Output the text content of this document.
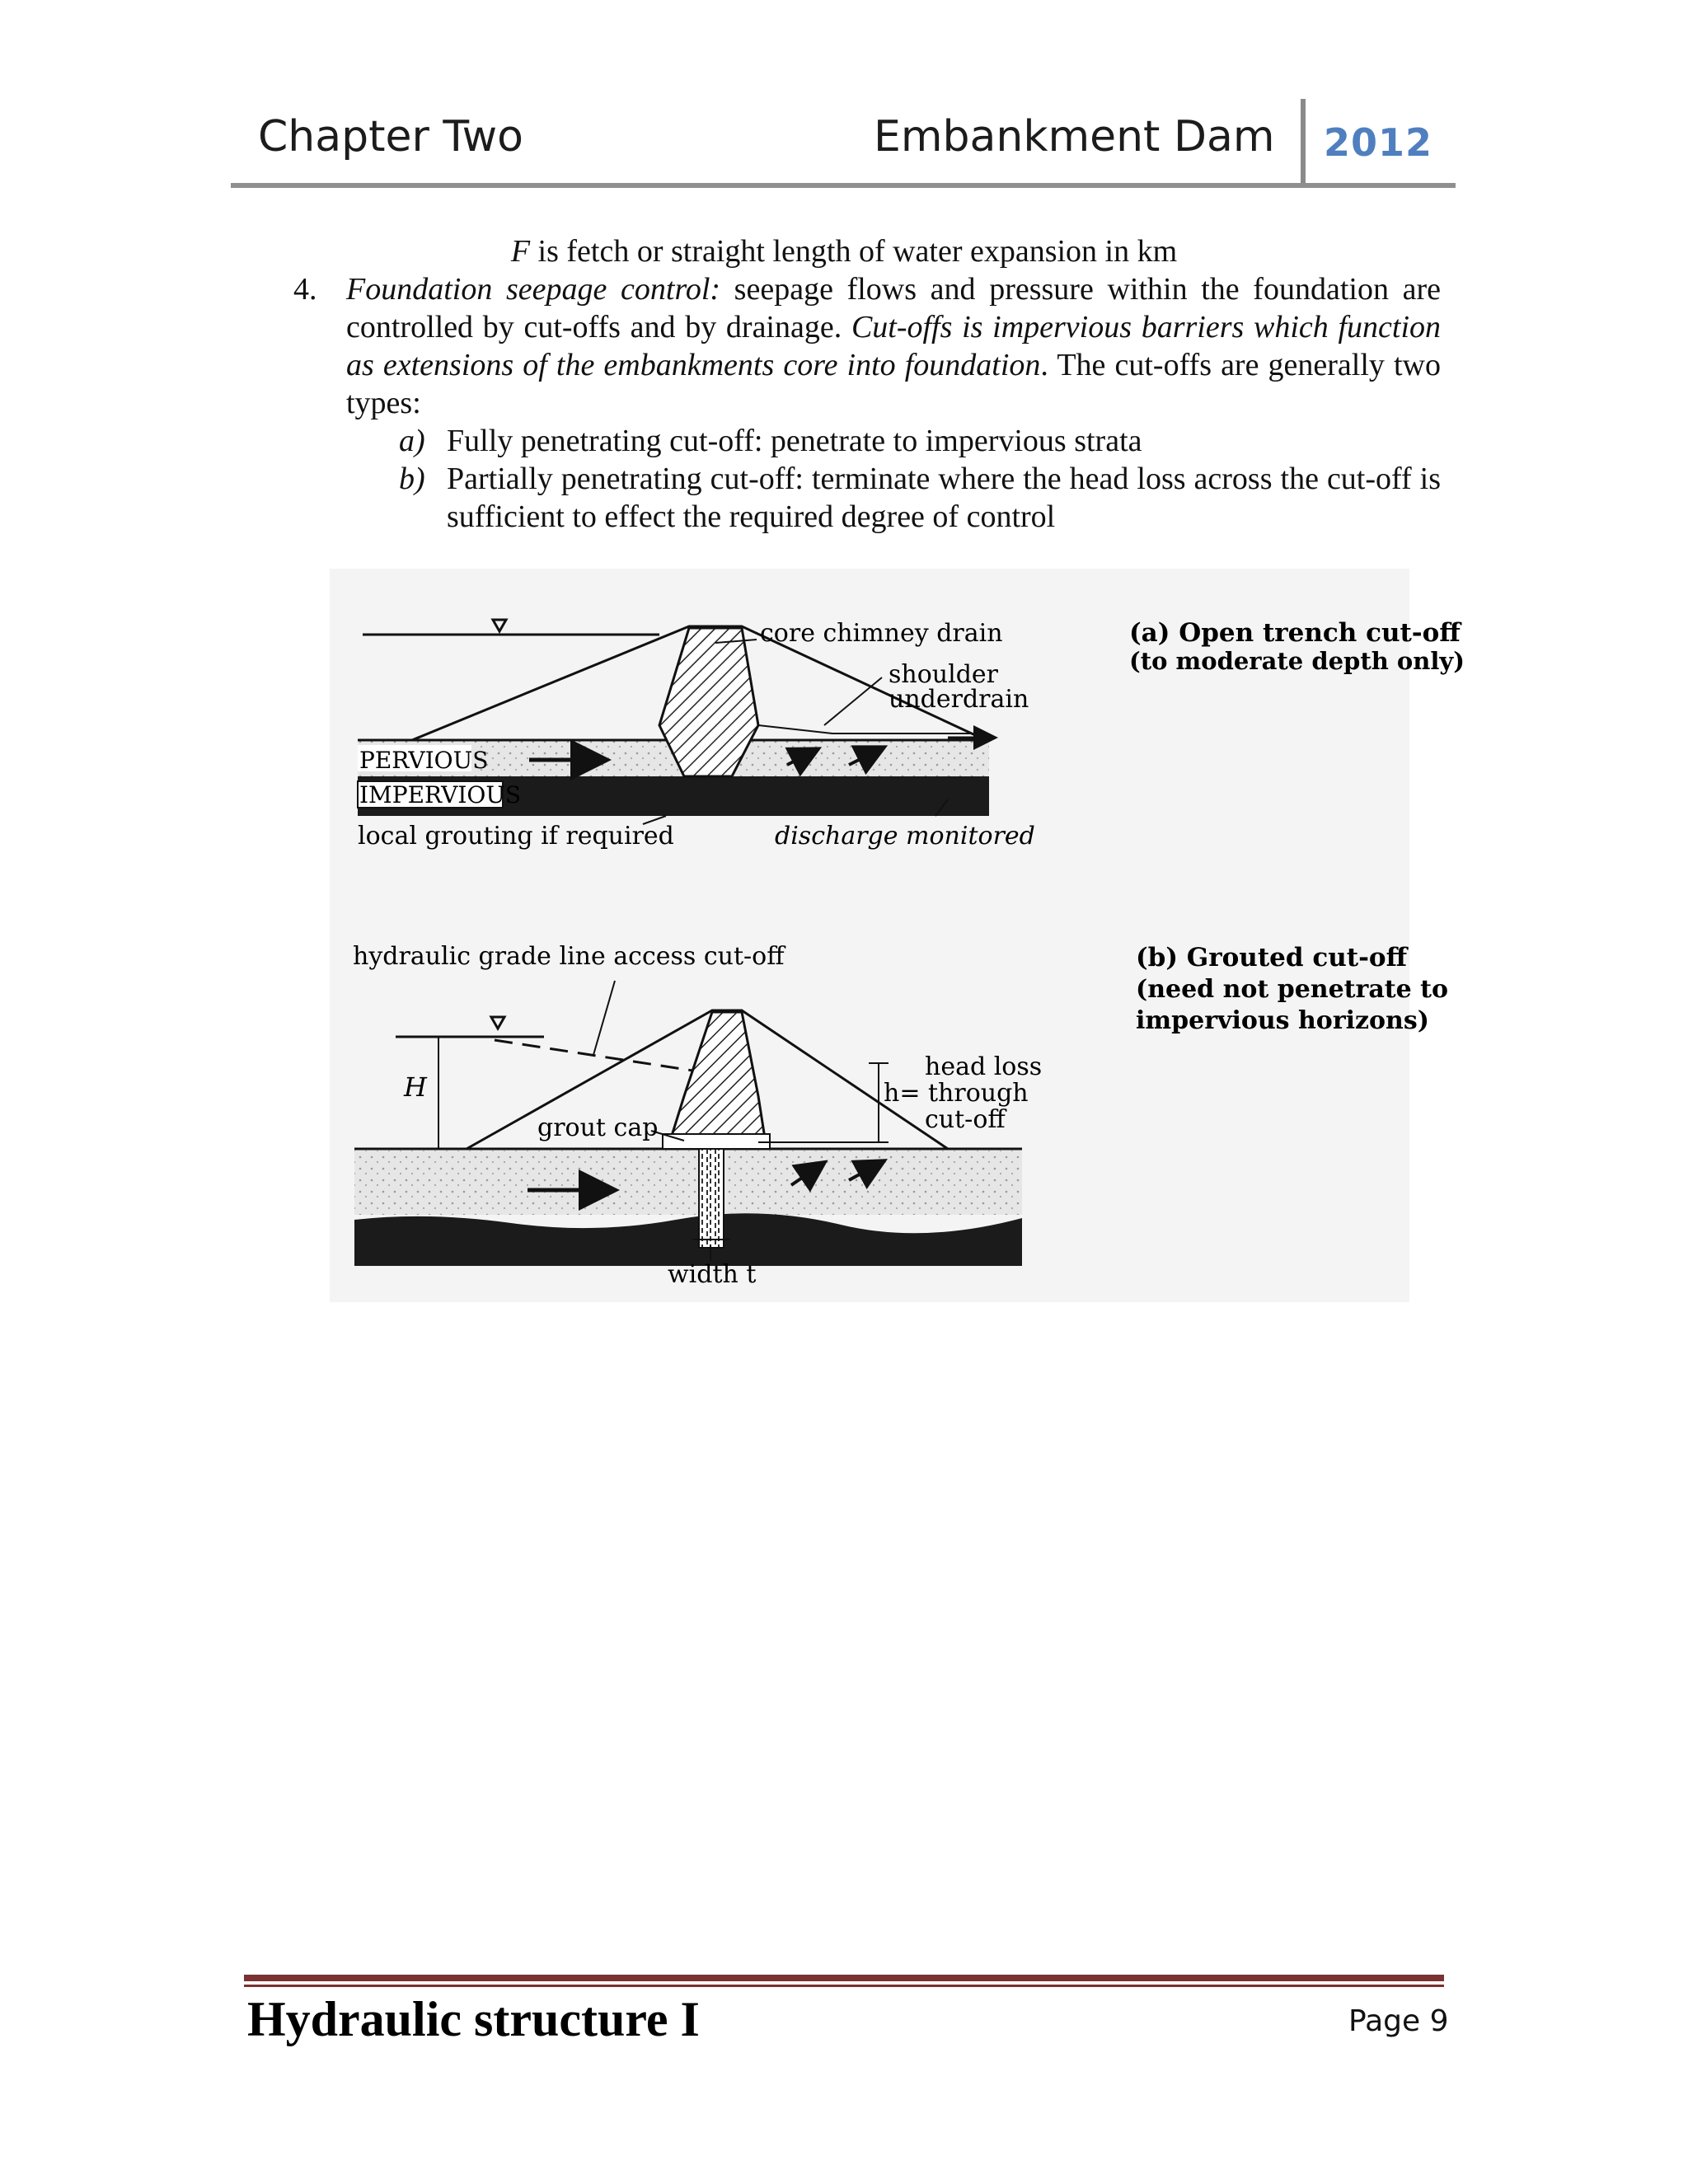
Chapter Two	Embankment Dam 2012
F is fetch or straight length of water expansion in km
4. Foundation seepage control: seepage flows and pressure within the foundation are controlled by cut-offs and by drainage. Cut-offs is impervious barriers which function as extensions of the embankments core into foundation. The cut-offs are generally two types:
a) Fully penetrating cut-off: penetrate to impervious strata
b) Partially penetrating cut-off: terminate where the head loss across the cut-off is sufficient to effect the required degree of control
core chimney drain
shoulder
underdrain
PERVIOUS
IMPERVIOUS
local grouting if required	discharge monitored
(a) Open trench cut-off
(to moderate depth only)
hydraulic grade line access cut-off
H
grout cap
head loss
h= through
cut-off
width t
(b) Grouted cut-off
(need not penetrate to
impervious horizons)
Hydraulic structure I	Page 9
